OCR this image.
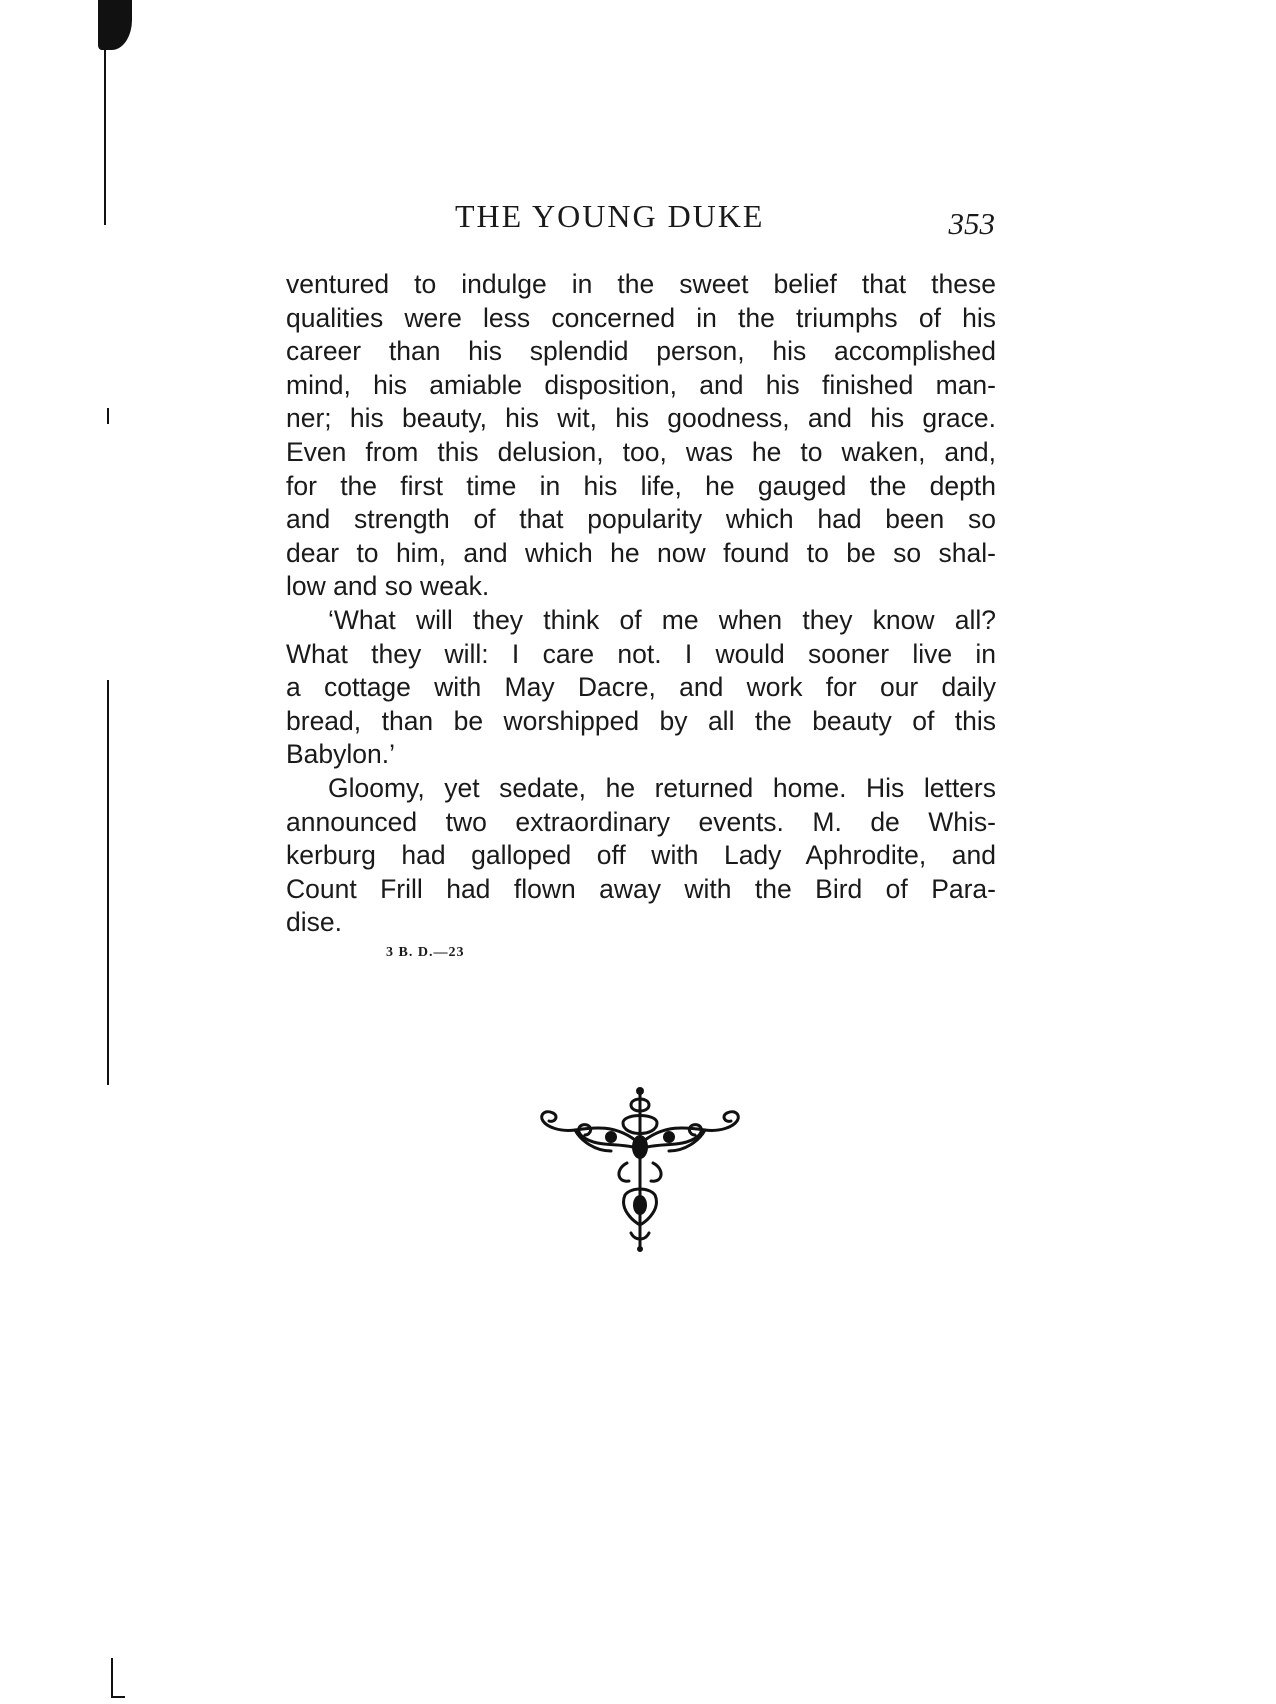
THE YOUNG DUKE	353
ventured to indulge in the sweet belief that these
qualities were less concerned in the triumphs of his
career than his splendid person, his accomplished
mind, his amiable disposition, and his finished man-
ner; his beauty, his wit, his goodness, and his grace.
Even from this delusion, too, was he to waken, and,
for the first time in his life, he gauged the depth
and strength of that popularity which had been so
dear to him, and which he now found to be so shal-
low and so weak.
‘What will they think of me when they know all?
What they will: I care not. I would sooner live in
a cottage with May Dacre, and work for our daily
bread, than be worshipped by all the beauty of this
Babylon.’
Gloomy, yet sedate, he returned home. His letters
announced two extraordinary events. M. de Whis-
kerburg had galloped off with Lady Aphrodite, and
Count Frill had flown away with the Bird of Para-
dise.
3 B. D.—23
